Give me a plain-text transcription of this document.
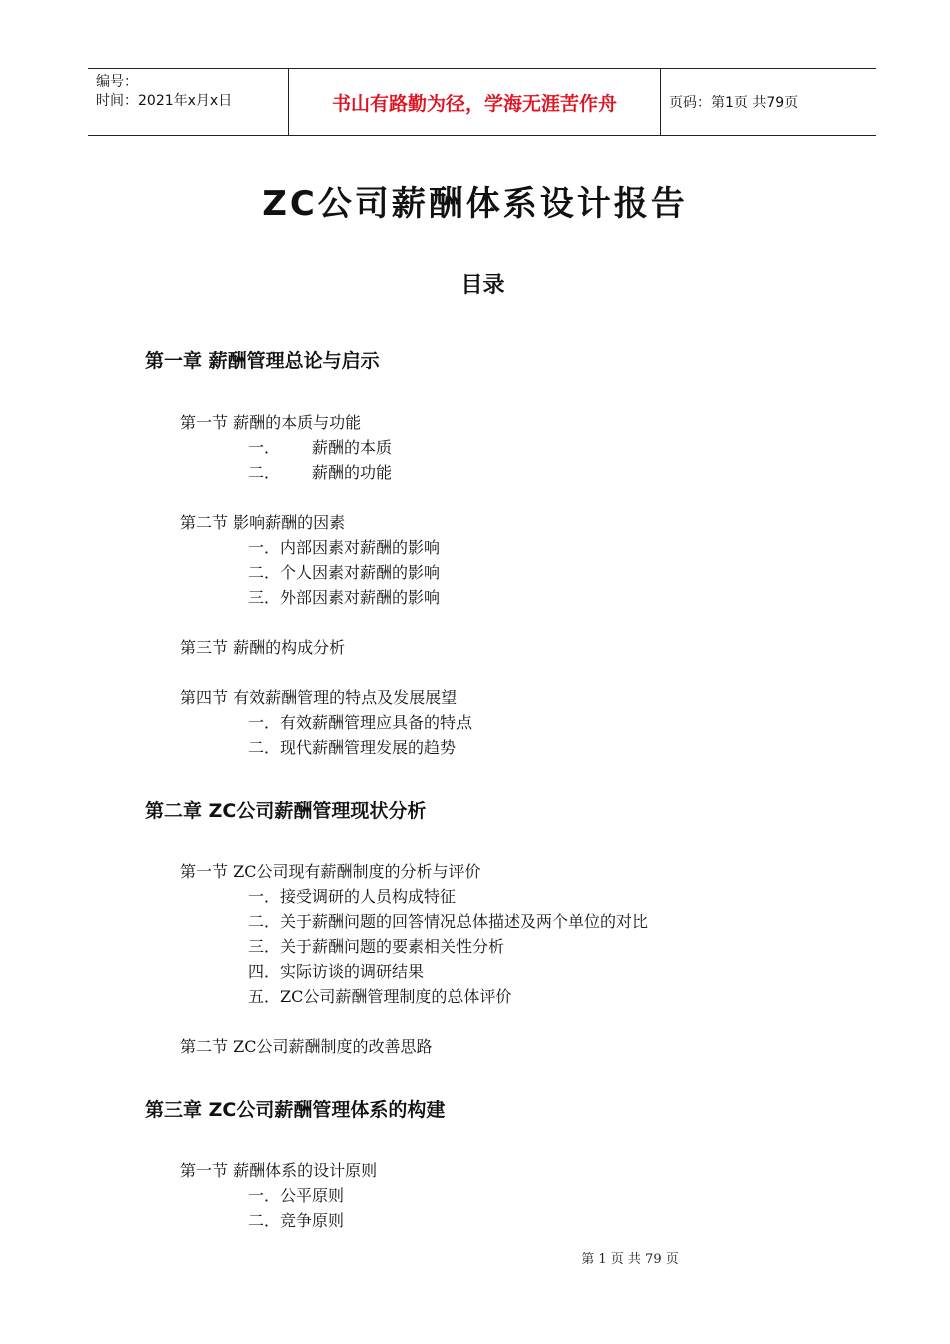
编号：
时间：2021年x月x日	书山有路勤为径，学海无涯苦作舟	页码：第1页 共79页
ZC公司薪酬体系设计报告
目录
第一章 薪酬管理总论与启示
第一节 薪酬的本质与功能
一． 薪酬的本质
二． 薪酬的功能
第二节 影响薪酬的因素
一．内部因素对薪酬的影响
二．个人因素对薪酬的影响
三．外部因素对薪酬的影响
第三节 薪酬的构成分析
第四节 有效薪酬管理的特点及发展展望
一．有效薪酬管理应具备的特点
二．现代薪酬管理发展的趋势
第二章 ZC公司薪酬管理现状分析
第一节 ZC公司现有薪酬制度的分析与评价
一．接受调研的人员构成特征
二．关于薪酬问题的回答情况总体描述及两个单位的对比
三．关于薪酬问题的要素相关性分析
四．实际访谈的调研结果
五．ZC公司薪酬管理制度的总体评价
第二节 ZC公司薪酬制度的改善思路
第三章 ZC公司薪酬管理体系的构建
第一节 薪酬体系的设计原则
一．公平原则
二．竞争原则
第 1 页 共 79 页
